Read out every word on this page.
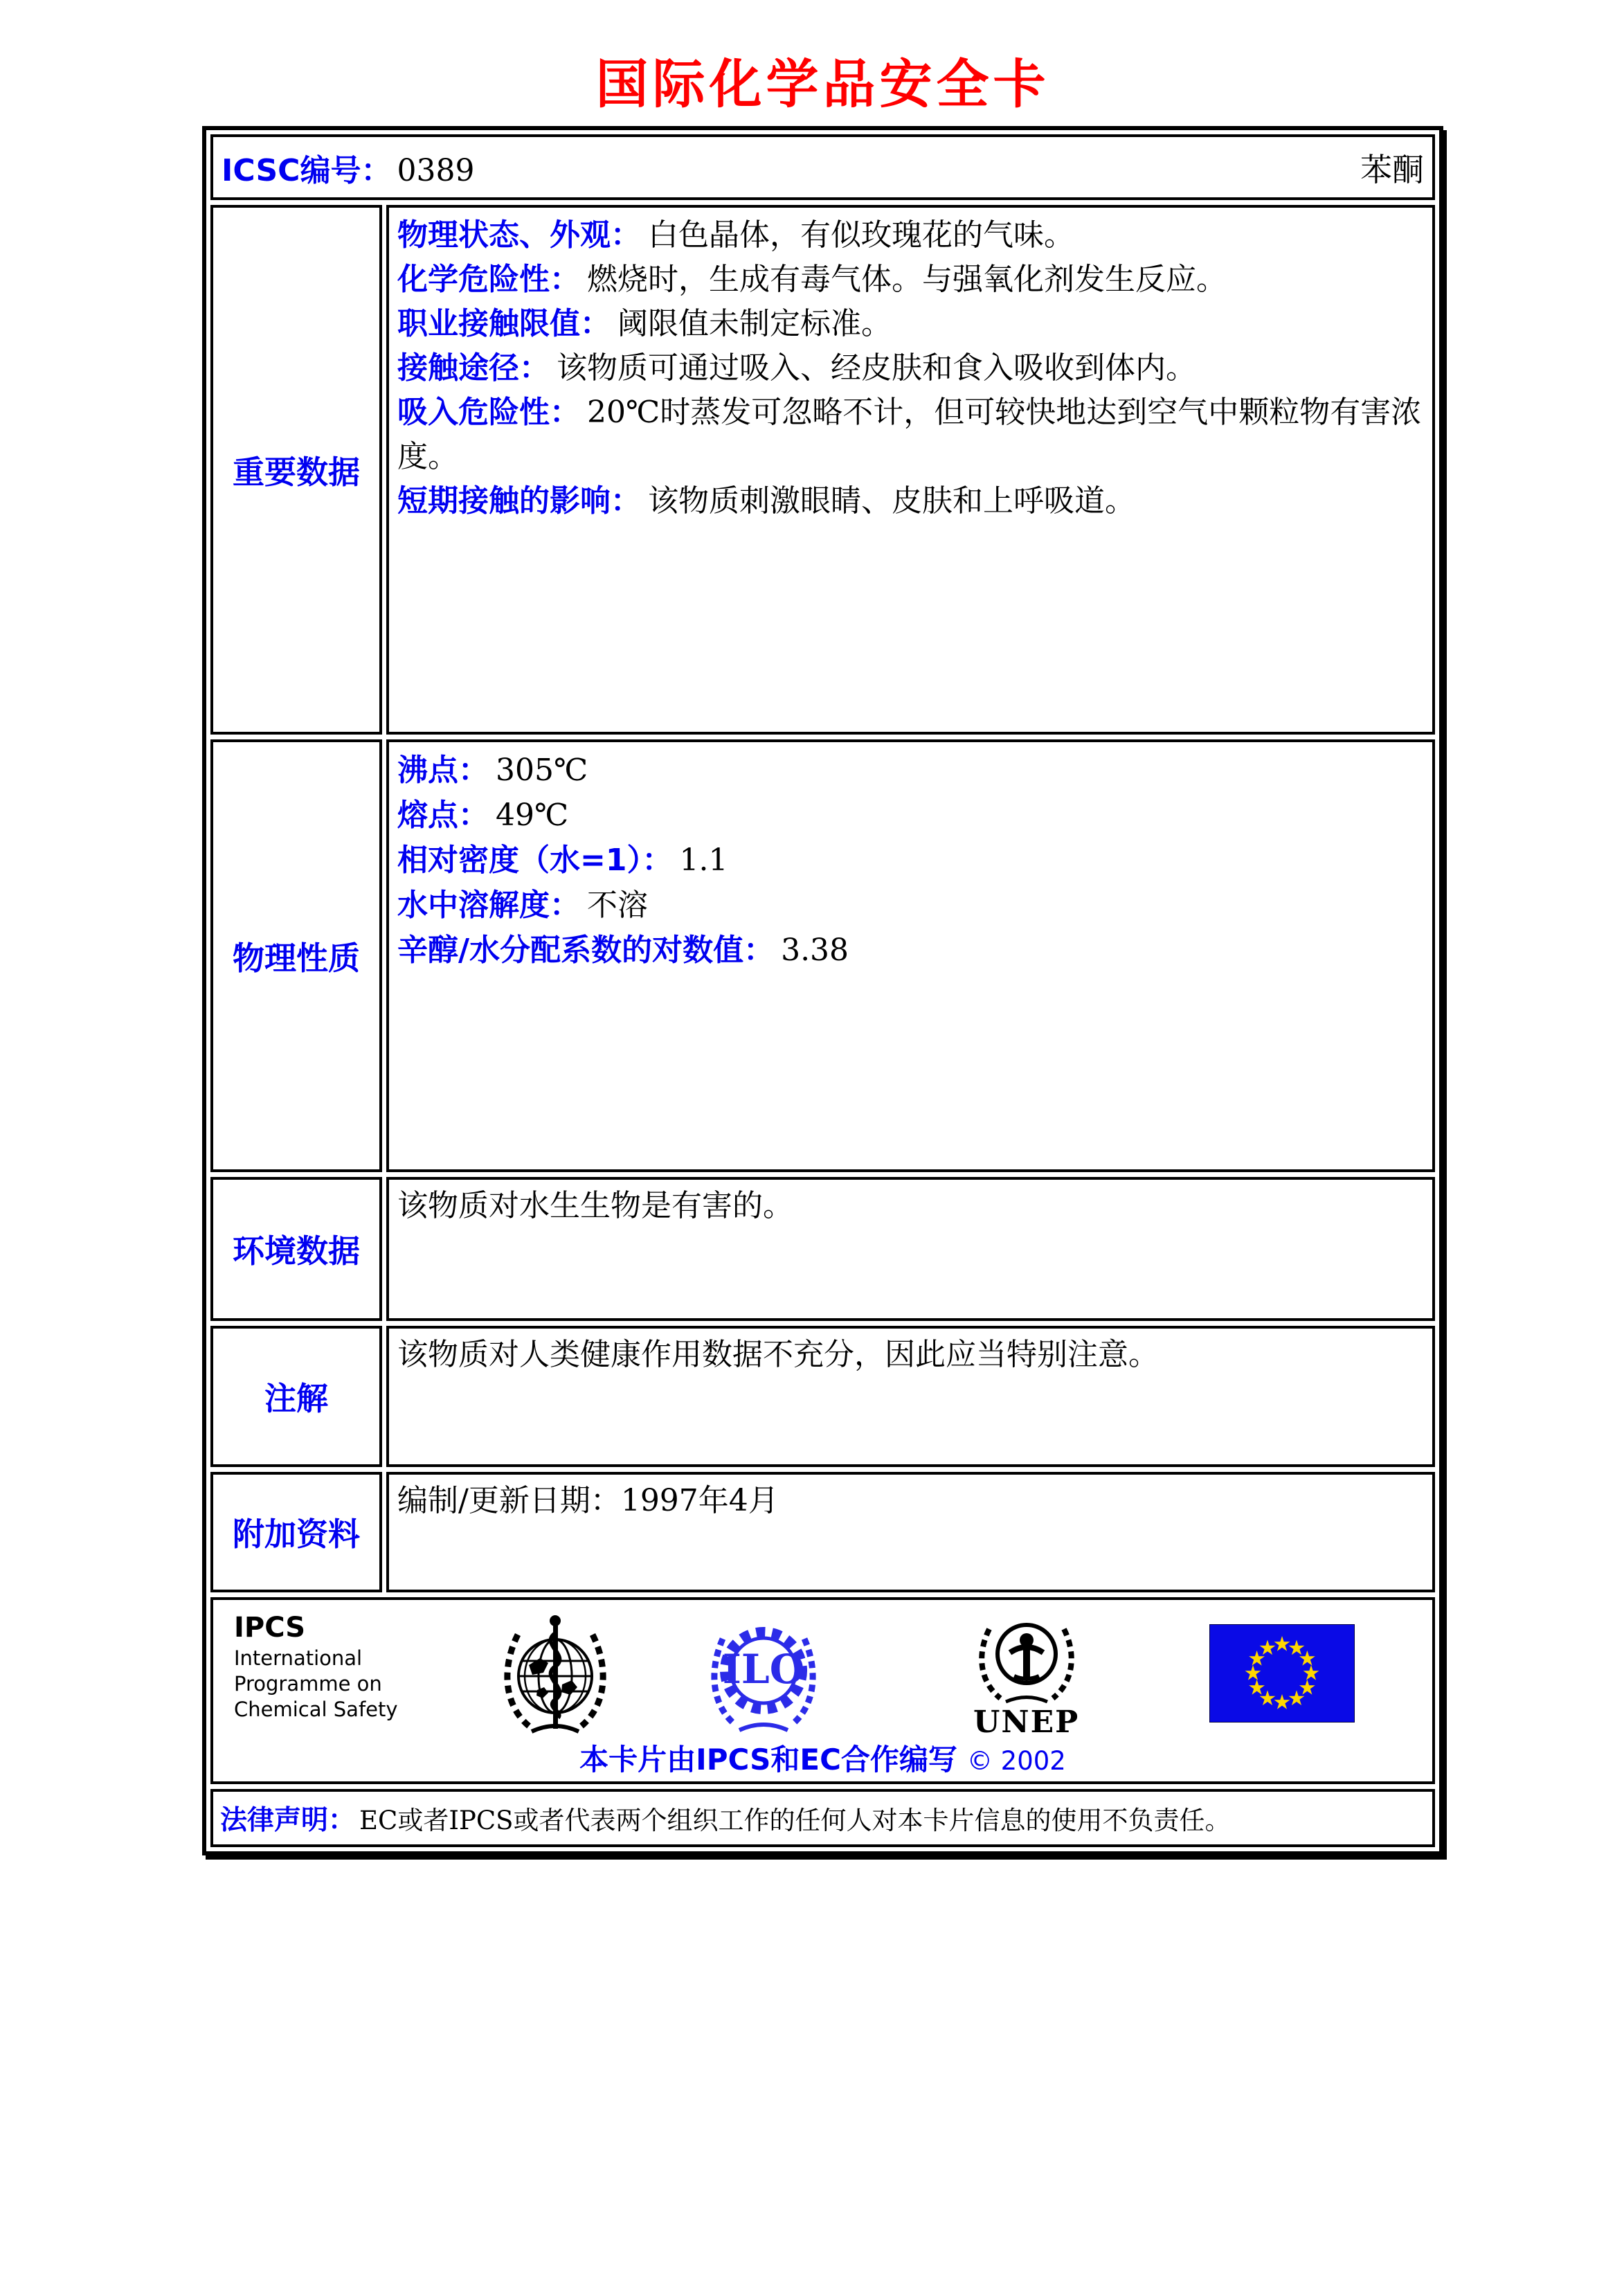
国际化学品安全卡
ICSC编号： 0389	苯酮
重要数据
物理状态、外观： 白色晶体，有似玫瑰花的气味。
化学危险性： 燃烧时，生成有毒气体。与强氧化剂发生反应。
职业接触限值： 阈限值未制定标准。
接触途径： 该物质可通过吸入、经皮肤和食入吸收到体内。
吸入危险性： 20℃时蒸发可忽略不计，但可较快地达到空气中颗粒物有害浓度。
短期接触的影响： 该物质刺激眼睛、皮肤和上呼吸道。
物理性质
沸点： 305℃
熔点： 49℃
相对密度（水=1）： 1.1
水中溶解度： 不溶
辛醇/水分配系数的对数值： 3.38
环境数据
该物质对水生生物是有害的。
注解
该物质对人类健康作用数据不充分，因此应当特别注意。
附加资料
编制/更新日期：1997年4月
IPCS
International
Programme on
Chemical Safety
ILO
UNEP
本卡片由IPCS和EC合作编写 © 2002
法律声明： EC或者IPCS或者代表两个组织工作的任何人对本卡片信息的使用不负责任。
